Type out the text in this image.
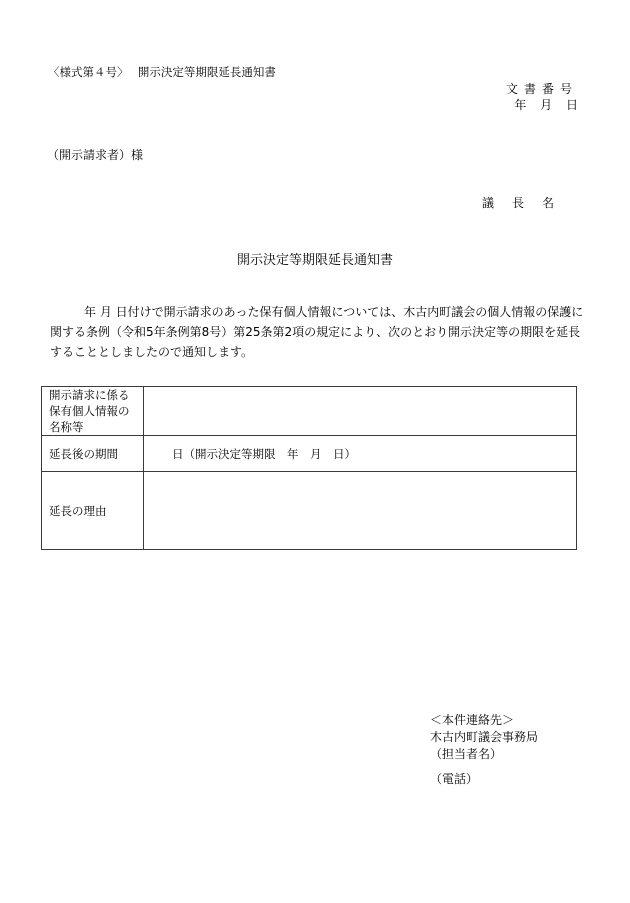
〈様式第４号〉　 開示決定等期限延長通知書
文書番号
年 月 日
（開示請求者）様
議長名
開示決定等期限延長通知書
年 月 日付けで開示請求のあった保有個人情報については、木古内町議会の個人情報の保護に関する条例（令和5年条例第8号）第25条第2項の規定により、次のとおり開示決定等の期限を延長することとしましたので通知します。
開示請求に係る
保有個人情報の
名称等	

延長後の期間	日（開示決定等期限　年　月　日）
延長の理由	
＜本件連絡先＞
木古内町議会事務局
（担当者名）
（電話）
